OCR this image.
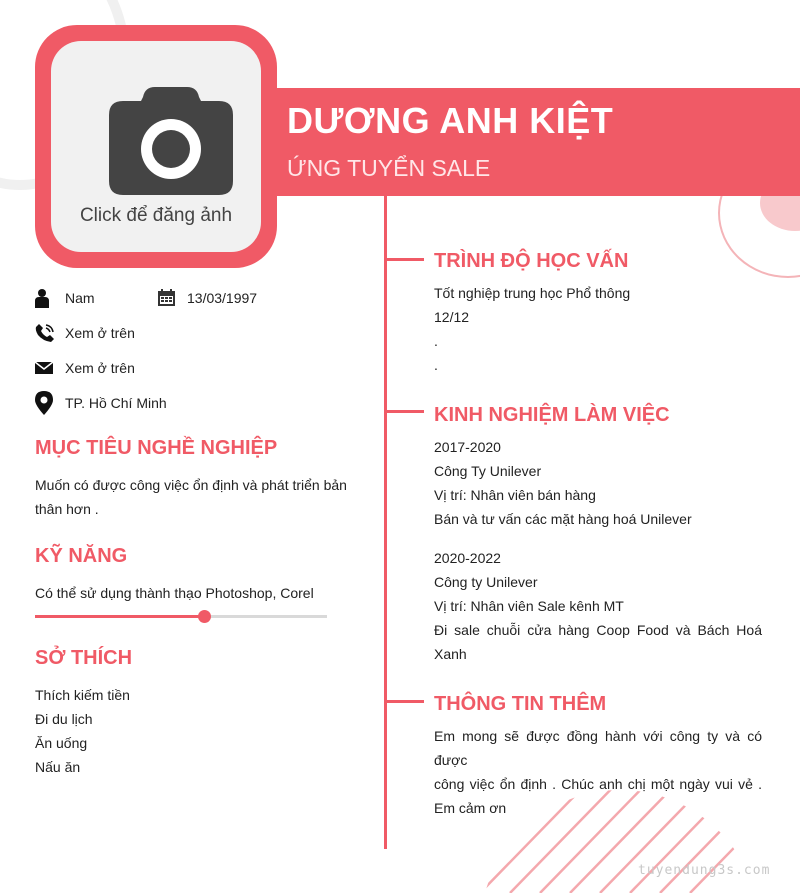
DƯƠNG ANH KIỆT
ỨNG TUYỂN SALE
Click để đăng ảnh
Nam	13/03/1997
Xem ở trên
Xem ở trên
TP. Hồ Chí Minh
MỤC TIÊU NGHỀ NGHIỆP
Muốn có được công việc ổn định và phát triển bản
thân hơn .
KỸ NĂNG
Có thể sử dụng thành thạo Photoshop, Corel
SỞ THÍCH
Thích kiếm tiền
Đi du lịch
Ăn uống
Nấu ăn
TRÌNH ĐỘ HỌC VẤN
Tốt nghiệp trung học Phổ thông
12/12
.
.
KINH NGHIỆM LÀM VIỆC
2017-2020
Công Ty Unilever
Vị trí: Nhân viên bán hàng
Bán và tư vấn các mặt hàng hoá Unilever
2020-2022
Công ty Unilever
Vị trí: Nhân viên Sale kênh MT
Đi sale chuỗi cửa hàng Coop Food và Bách Hoá
Xanh
THÔNG TIN THÊM
Em mong sẽ được đồng hành với công ty và có được
công việc ổn định . Chúc anh chị một ngày vui vẻ .
Em cảm ơn
tuyendung3s.com
